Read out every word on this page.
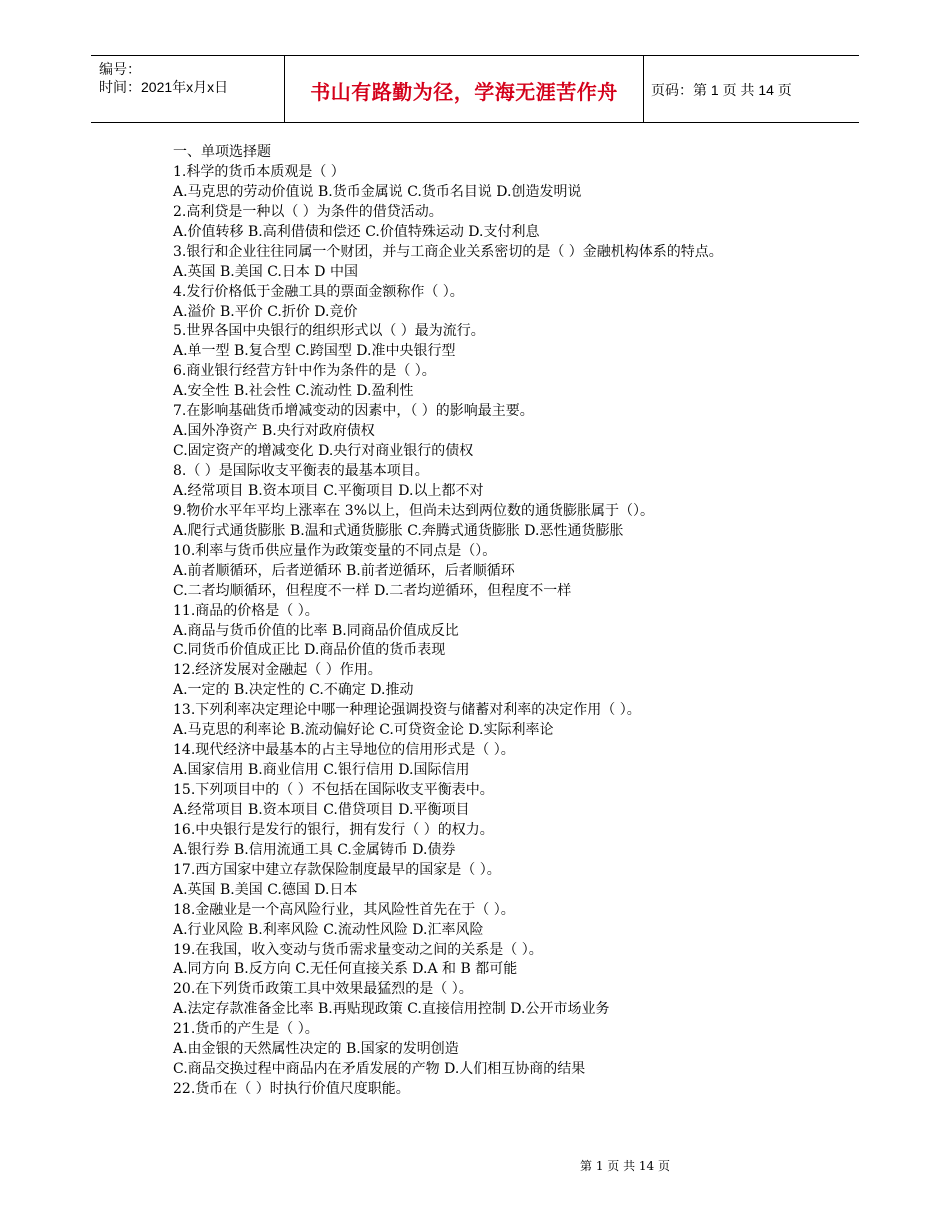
编号：
时间：2021年x月x日	书山有路勤为径，学海无涯苦作舟	页码：第 1 页 共 14 页
一、单项选择题
1.科学的货币本质观是（ ）
A.马克思的劳动价值说 B.货币金属说 C.货币名目说 D.创造发明说
2.高利贷是一种以（ ）为条件的借贷活动。
A.价值转移 B.高利借债和偿还 C.价值特殊运动 D.支付利息
3.银行和企业往往同属一个财团，并与工商企业关系密切的是（ ）金融机构体系的特点。
A.英国 B.美国 C.日本 D 中国
4.发行价格低于金融工具的票面金额称作（ ）。
A.溢价 B.平价 C.折价 D.竞价
5.世界各国中央银行的组织形式以（ ）最为流行。
A.单一型 B.复合型 C.跨国型 D.准中央银行型
6.商业银行经营方针中作为条件的是（ ）。
A.安全性 B.社会性 C.流动性 D.盈利性
7.在影响基础货币增减变动的因素中，（ ）的影响最主要。
A.国外净资产 B.央行对政府债权
C.固定资产的增减变化 D.央行对商业银行的债权
8.（ ）是国际收支平衡表的最基本项目。
A.经常项目 B.资本项目 C.平衡项目 D.以上都不对
9.物价水平年平均上涨率在 3%以上，但尚未达到两位数的通货膨胀属于（）。
A.爬行式通货膨胀 B.温和式通货膨胀 C.奔腾式通货膨胀 D.恶性通货膨胀
10.利率与货币供应量作为政策变量的不同点是（）。
A.前者顺循环，后者逆循环 B.前者逆循环，后者顺循环
C.二者均顺循环，但程度不一样 D.二者均逆循环，但程度不一样
11.商品的价格是（ ）。
A.商品与货币价值的比率 B.同商品价值成反比
C.同货币价值成正比 D.商品价值的货币表现
12.经济发展对金融起（ ）作用。
A.一定的 B.决定性的 C.不确定 D.推动
13.下列利率决定理论中哪一种理论强调投资与储蓄对利率的决定作用（ ）。
A.马克思的利率论 B.流动偏好论 C.可贷资金论 D.实际利率论
14.现代经济中最基本的占主导地位的信用形式是（ ）。
A.国家信用 B.商业信用 C.银行信用 D.国际信用
15.下列项目中的（ ）不包括在国际收支平衡表中。
A.经常项目 B.资本项目 C.借贷项目 D.平衡项目
16.中央银行是发行的银行，拥有发行（ ）的权力。
A.银行券 B.信用流通工具 C.金属铸币 D.债券
17.西方国家中建立存款保险制度最早的国家是（ ）。
A.英国 B.美国 C.德国 D.日本
18.金融业是一个高风险行业，其风险性首先在于（ ）。
A.行业风险 B.利率风险 C.流动性风险 D.汇率风险
19.在我国，收入变动与货币需求量变动之间的关系是（ ）。
A.同方向 B.反方向 C.无任何直接关系 D.A 和 B 都可能
20.在下列货币政策工具中效果最猛烈的是（ ）。
A.法定存款准备金比率 B.再贴现政策 C.直接信用控制 D.公开市场业务
21.货币的产生是（ ）。
A.由金银的天然属性决定的 B.国家的发明创造
C.商品交换过程中商品内在矛盾发展的产物 D.人们相互协商的结果
22.货币在（ ）时执行价值尺度职能。
第 1 页 共 14 页
